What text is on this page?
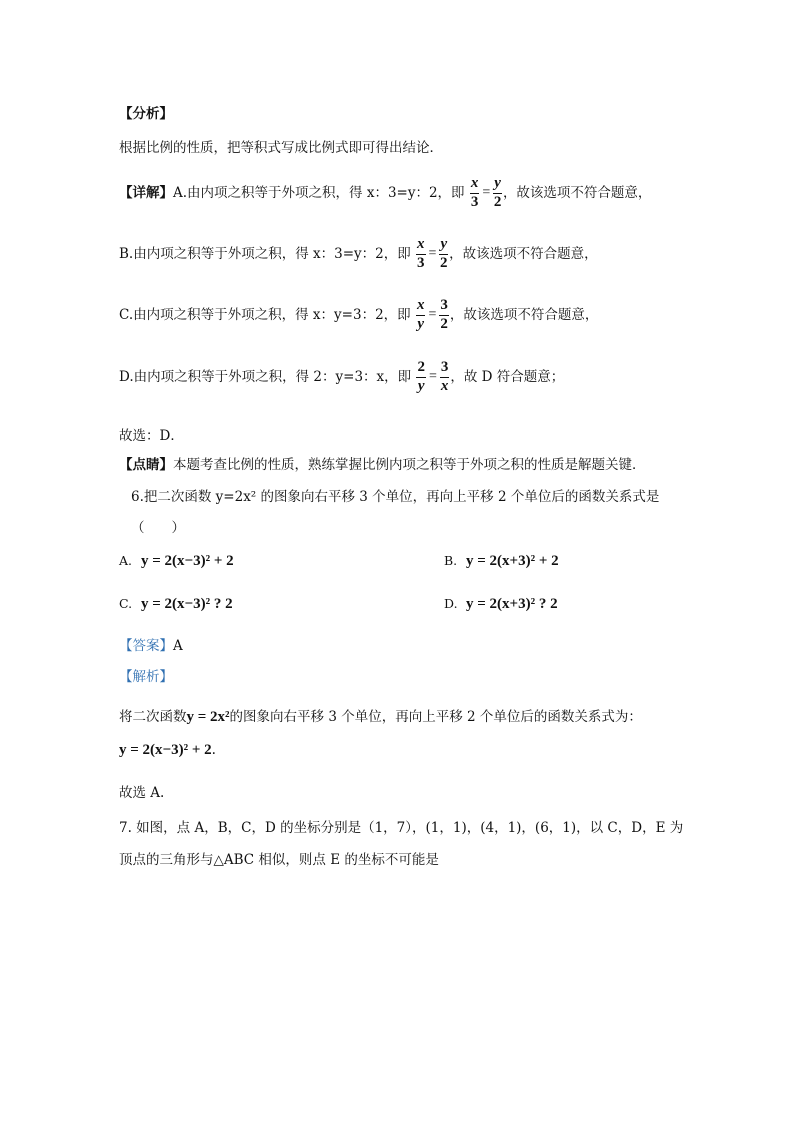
【分析】
根据比例的性质，把等积式写成比例式即可得出结论．
【详解】A.由内项之积等于外项之积，得 x：3=y：2，即 $\frac{x}{3} = \frac{y}{2}$ ，故该选项不符合题意，
B.由内项之积等于外项之积，得 x：3=y：2，即 $\frac{x}{3} = \frac{y}{2}$ ，故该选项不符合题意，
C.由内项之积等于外项之积，得 x：y=3：2，即 $\frac{x}{y} = \frac{3}{2}$ ，故该选项不符合题意，
D.由内项之积等于外项之积，得 2：y=3：x，即 $\frac{2}{y} = \frac{3}{x}$ ，故 D 符合题意；
故选：D．
【点睛】本题考查比例的性质，熟练掌握比例内项之积等于外项之积的性质是解题关键．
6.把二次函数 y=2x² 的图象向右平移 3 个单位，再向上平移 2 个单位后的函数关系式是
（　　）
A. y = 2(x−3)² + 2	B. y = 2(x+3)² + 2
C. y = 2(x−3)² ? 2	D. y = 2(x+3)² ? 2
【答案】A
【解析】
将二次函数y = 2x²的图象向右平移 3 个单位，再向上平移 2 个单位后的函数关系式为：
y = 2(x−3)² + 2.
故选 A.
7. 如图，点 A，B，C，D 的坐标分别是（1，7），(1，1)，(4，1)，(6，1)，以 C，D，E 为
顶点的三角形与△ABC 相似，则点 E 的坐标不可能是
